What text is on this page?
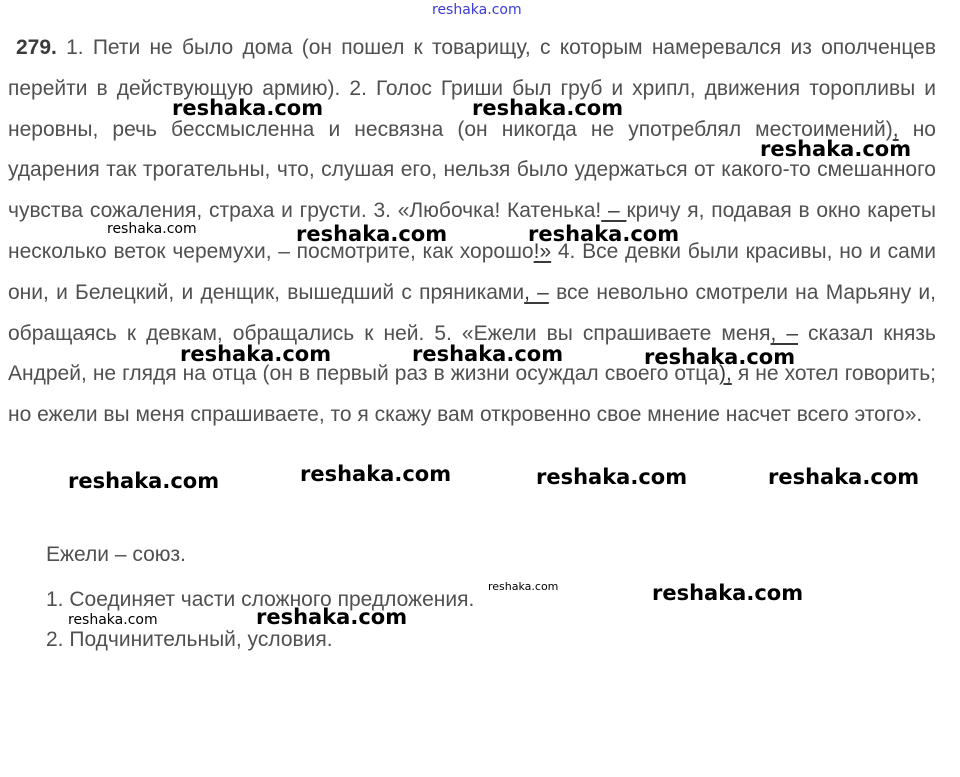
279. 1. Пети не было дома (он пошел к товарищу, с которым намеревался из ополченцев перейти в действующую армию). 2. Голос Гриши был груб и хрипл, движения торопливы и неровны, речь бессмысленна и несвязна (он никогда не употреблял местоимений), но ударения так трогательны, что, слушая его, нельзя было удержаться от какого-то смешанного чувства сожаления, страха и грусти. 3. «Любочка! Катенька! – кричу я, подавая в окно кареты несколько веток черемухи, – посмотрите, как хорошо!» 4. Все девки были красивы, но и сами они, и Белецкий, и денщик, вышедший с пряниками, – все невольно смотрели на Марьяну и, обращаясь к девкам, обращались к ней. 5. «Ежели вы спрашиваете меня, – сказал князь Андрей, не глядя на отца (он в первый раз в жизни осуждал своего отца), я не хотел говорить; но ежели вы меня спрашиваете, то я скажу вам откровенно свое мнение насчет всего этого».

Ежели – союз.

1. Соединяет части сложного предложения.

2. Подчинительный, условия.

reshaka.com
reshaka.com	reshaka.com
reshaka.com
reshaka.com	reshaka.com	reshaka.com
reshaka.com	reshaka.com	reshaka.com
reshaka.com
reshaka.com	reshaka.com	reshaka.com
reshaka.com	reshaka.com
reshaka.com
reshaka.com
